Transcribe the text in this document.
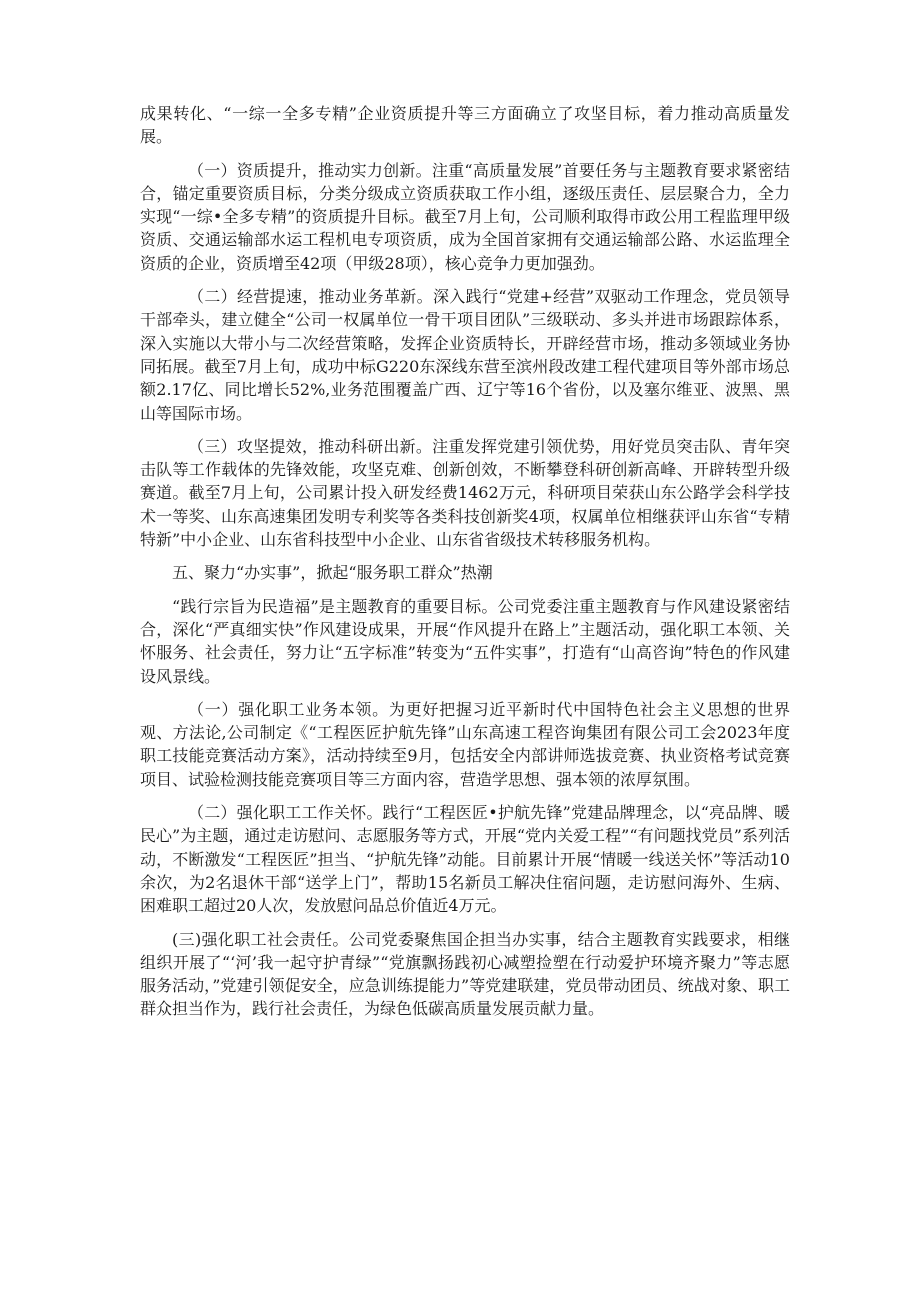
成果转化、“一综一全多专精”企业资质提升等三方面确立了攻坚目标，着力推动高质量发展。

（一）资质提升，推动实力创新。注重“高质量发展”首要任务与主题教育要求紧密结合，锚定重要资质目标，分类分级成立资质获取工作小组，逐级压责任、层层聚合力，全力实现“一综•全多专精”的资质提升目标。截至7月上旬，公司顺利取得市政公用工程监理甲级资质、交通运输部水运工程机电专项资质，成为全国首家拥有交通运输部公路、水运监理全资质的企业，资质增至42项（甲级28项），核心竞争力更加强劲。

（二）经营提速，推动业务革新。深入践行“党建+经营”双驱动工作理念，党员领导干部牵头，建立健全“公司一权属单位一骨干项目团队”三级联动、多头并进市场跟踪体系，深入实施以大带小与二次经营策略，发挥企业资质特长，开辟经营市场，推动多领域业务协同拓展。截至7月上旬，成功中标G220东深线东营至滨州段改建工程代建项目等外部市场总额2.17亿、同比增长52%,业务范围覆盖广西、辽宁等16个省份，以及塞尔维亚、波黑、黑山等国际市场。

（三）攻坚提效，推动科研出新。注重发挥党建引领优势，用好党员突击队、青年突击队等工作载体的先锋效能，攻坚克难、创新创效，不断攀登科研创新高峰、开辟转型升级赛道。截至7月上旬，公司累计投入研发经费1462万元，科研项目荣获山东公路学会科学技术一等奖、山东高速集团发明专利奖等各类科技创新奖4项，权属单位相继获评山东省“专精特新”中小企业、山东省科技型中小企业、山东省省级技术转移服务机构。

五、聚力“办实事”，掀起“服务职工群众”热潮

“践行宗旨为民造福”是主题教育的重要目标。公司党委注重主题教育与作风建设紧密结合，深化“严真细实快”作风建设成果，开展“作风提升在路上”主题活动，强化职工本领、关怀服务、社会责任，努力让“五字标准”转变为“五件实事”，打造有“山高咨询”特色的作风建设风景线。

（一）强化职工业务本领。为更好把握习近平新时代中国特色社会主义思想的世界观、方法论,公司制定《“工程医匠护航先锋”山东高速工程咨询集团有限公司工会2023年度职工技能竞赛活动方案》，活动持续至9月，包括安全内部讲师选拔竞赛、执业资格考试竞赛项目、试验检测技能竞赛项目等三方面内容，营造学思想、强本领的浓厚氛围。

（二）强化职工工作关怀。践行“工程医匠•护航先锋”党建品牌理念，以“亮品牌、暖民心”为主题，通过走访慰问、志愿服务等方式，开展“党内关爱工程”“有问题找党员”系列活动，不断激发“工程医匠”担当、“护航先锋”动能。目前累计开展“情暖一线送关怀”等活动10余次，为2名退休干部“送学上门”，帮助15名新员工解决住宿问题，走访慰问海外、生病、困难职工超过20人次，发放慰问品总价值近4万元。

(三)强化职工社会责任。公司党委聚焦国企担当办实事，结合主题教育实践要求，相继组织开展了“‘河’我一起守护青绿”“党旗飘扬践初心减塑捡塑在行动爱护环境齐聚力”等志愿服务活动，”党建引领促安全，应急训练提能力”等党建联建，党员带动团员、统战对象、职工群众担当作为，践行社会责任，为绿色低碳高质量发展贡献力量。
